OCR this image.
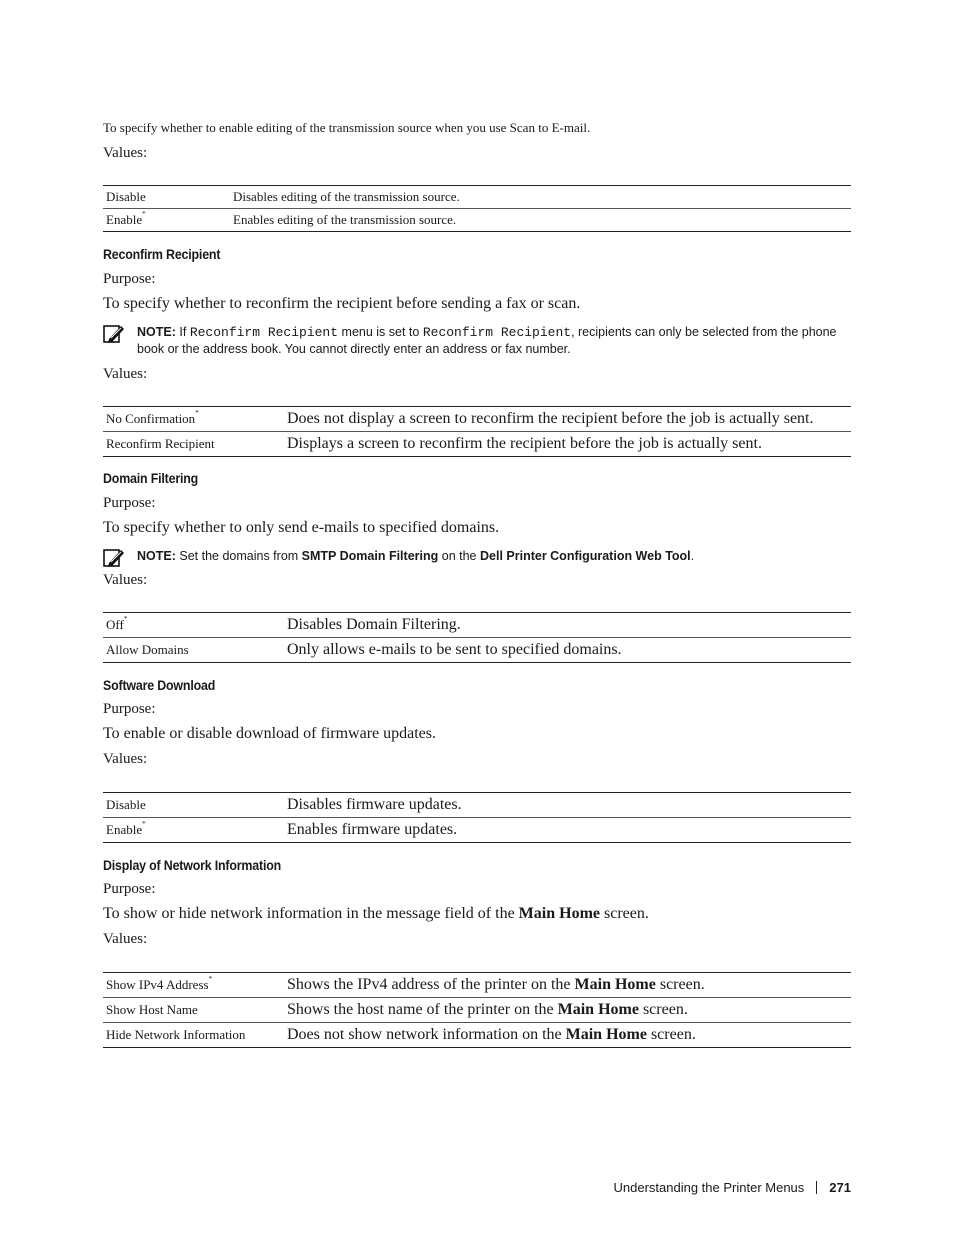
To specify whether to enable editing of the transmission source when you use Scan to E-mail.
Values:
Disable	Disables editing of the transmission source.
Enable*	Enables editing of the transmission source.
Reconfirm Recipient
Purpose:
To specify whether to reconfirm the recipient before sending a fax or scan.
NOTE: If Reconfirm Recipient menu is set to Reconfirm Recipient, recipients can only be selected from the phone book or the address book. You cannot directly enter an address or fax number.
Values:
No Confirmation*	Does not display a screen to reconfirm the recipient before the job is actually sent.
Reconfirm Recipient	Displays a screen to reconfirm the recipient before the job is actually sent.
Domain Filtering
Purpose:
To specify whether to only send e-mails to specified domains.
NOTE: Set the domains from SMTP Domain Filtering on the Dell Printer Configuration Web Tool.
Values:
Off*	Disables Domain Filtering.
Allow Domains	Only allows e-mails to be sent to specified domains.
Software Download
Purpose:
To enable or disable download of firmware updates.
Values:
Disable	Disables firmware updates.
Enable*	Enables firmware updates.
Display of Network Information
Purpose:
To show or hide network information in the message field of the Main Home screen.
Values:
Show IPv4 Address*	Shows the IPv4 address of the printer on the Main Home screen.
Show Host Name	Shows the host name of the printer on the Main Home screen.
Hide Network Information	Does not show network information on the Main Home screen.
Understanding the Printer Menus 271
